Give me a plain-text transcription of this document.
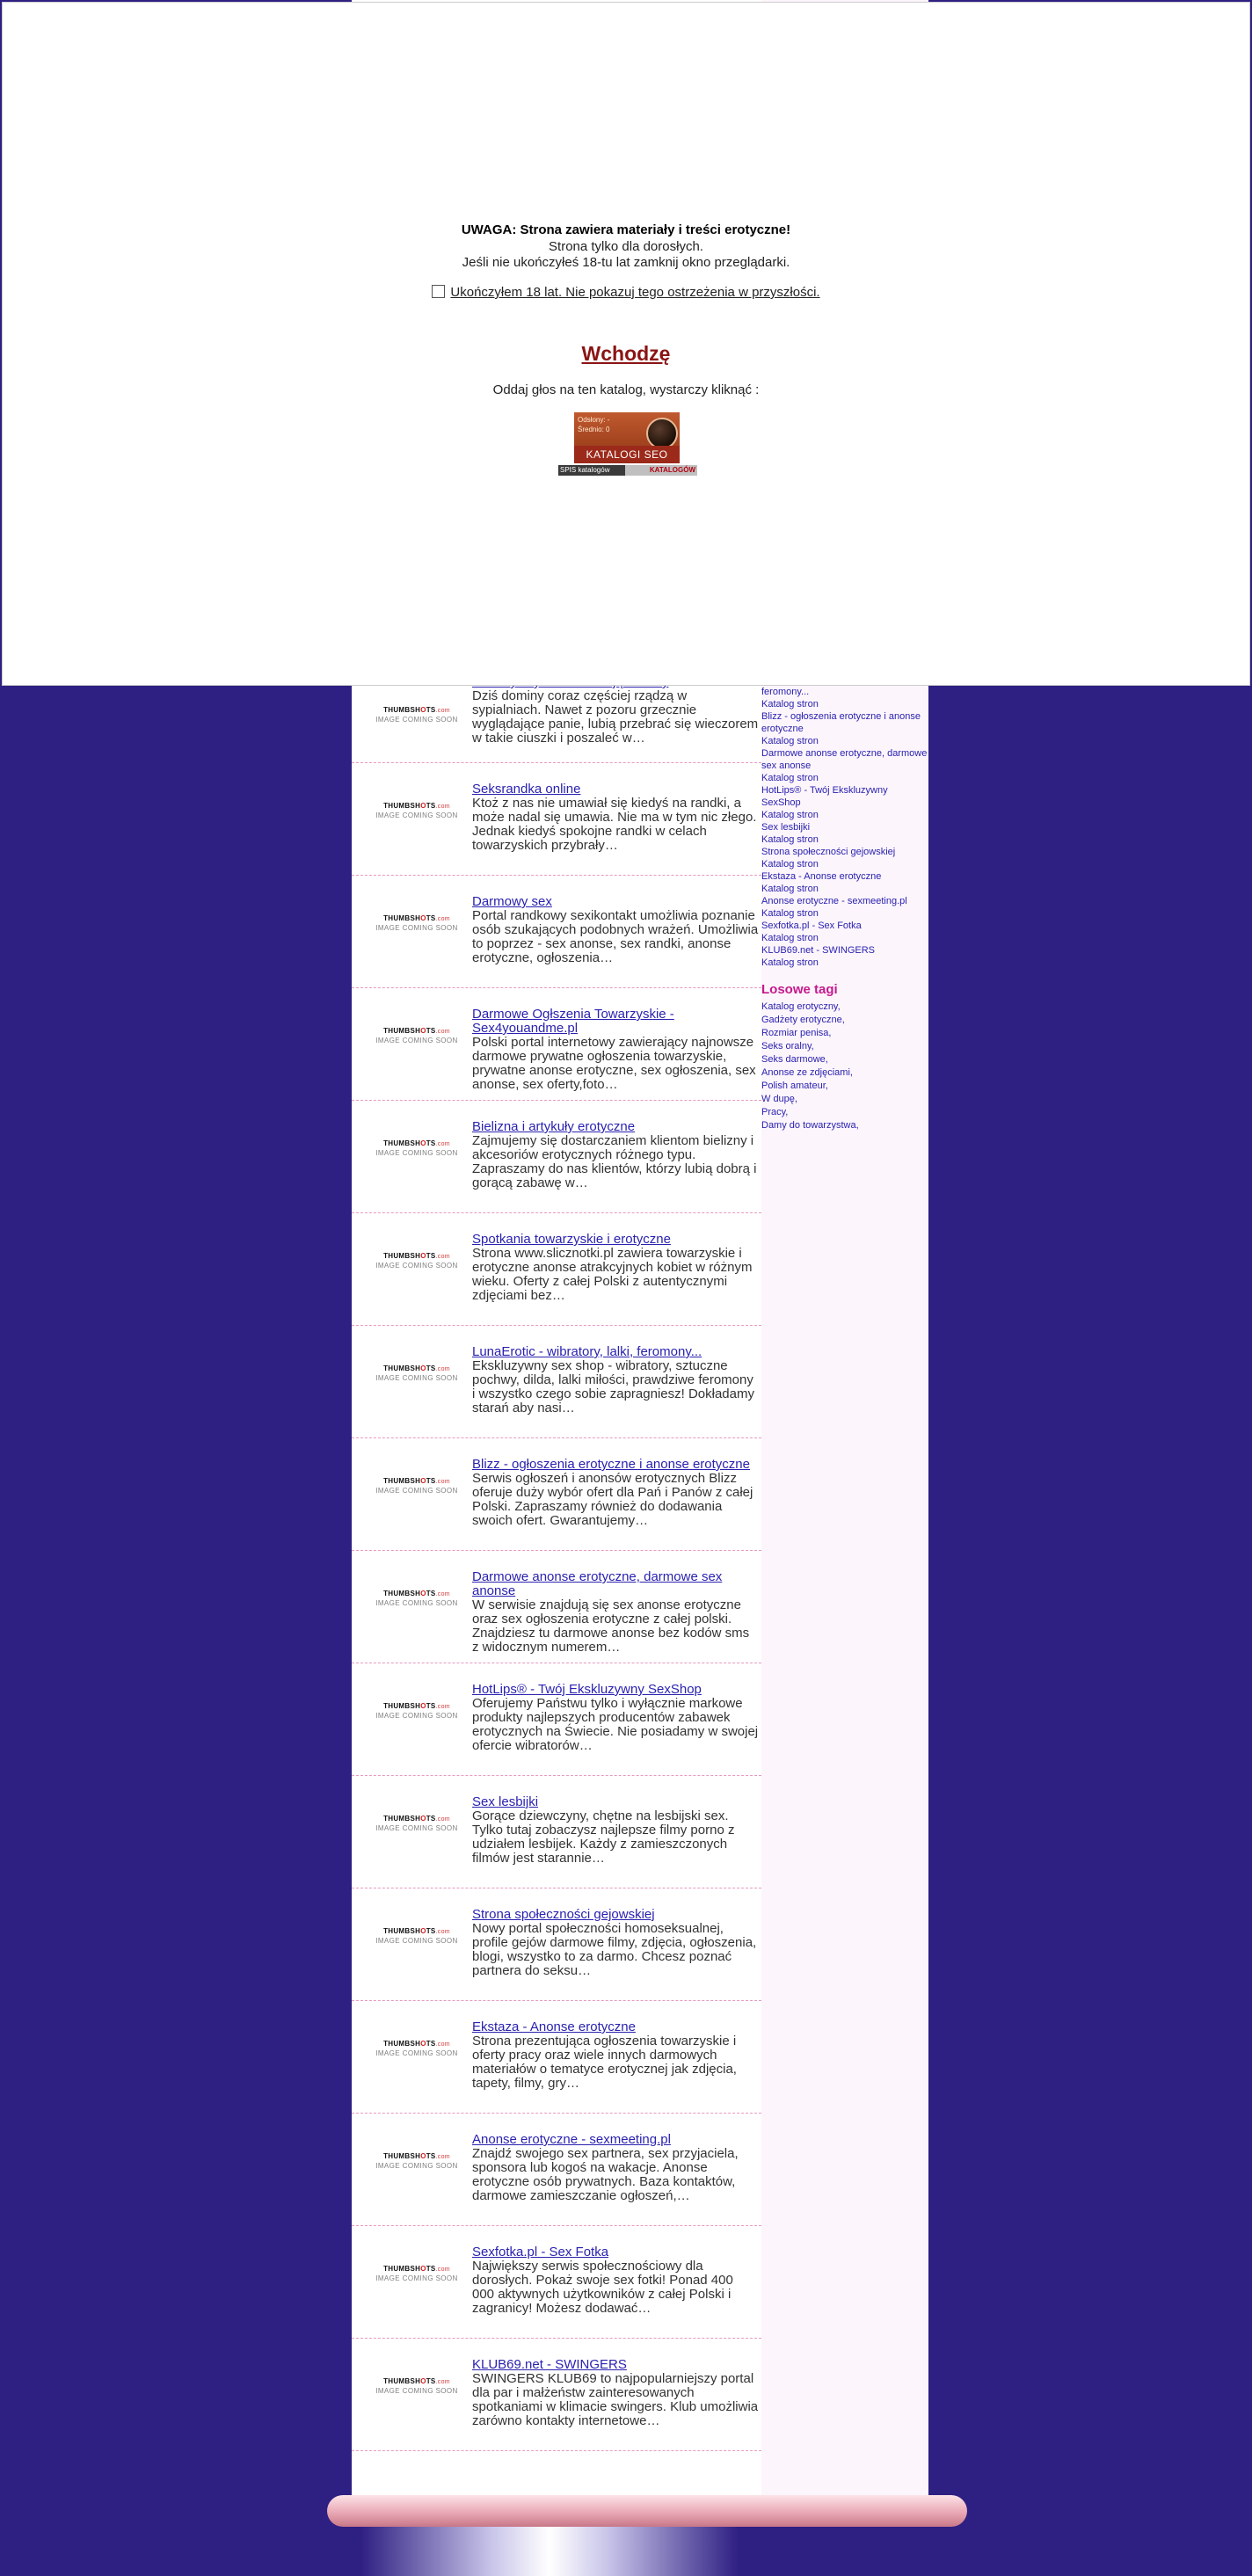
THUMBSHOTS.com
IMAGE COMING SOON

Dziś dominy coraz częściej rządzą w sypialniach. Nawet z pozoru grzecznie wyglądające panie, lubią przebrać się wieczorem w takie ciuszki i poszaleć w…

THUMBSHOTS.com
IMAGE COMING SOON
Seksrandka online

Ktoż z nas nie umawiał się kiedyś na randki, a może nadal się umawia. Nie ma w tym nic złego. Jednak kiedyś spokojne randki w celach towarzyskich przybrały…

THUMBSHOTS.com
IMAGE COMING SOON
Darmowy sex

Portal randkowy sexikontakt umożliwia poznanie osób szukających podobnych wrażeń. Umożliwia to poprzez - sex anonse, sex randki, anonse erotyczne, ogłoszenia…

THUMBSHOTS.com
IMAGE COMING SOON
Darmowe Ogłszenia Towarzyskie - Sex4youandme.pl

Polski portal internetowy zawierający najnowsze darmowe prywatne ogłoszenia towarzyskie, prywatne anonse erotyczne, sex ogłoszenia, sex anonse, sex oferty,foto…

THUMBSHOTS.com
IMAGE COMING SOON
Bielizna i artykuły erotyczne

Zajmujemy się dostarczaniem klientom bielizny i akcesoriów erotycznych różnego typu. Zapraszamy do nas klientów, którzy lubią dobrą i gorącą zabawę w…

THUMBSHOTS.com
IMAGE COMING SOON
Spotkania towarzyskie i erotyczne

Strona www.slicznotki.pl zawiera towarzyskie i erotyczne anonse atrakcyjnych kobiet w różnym wieku. Oferty z całej Polski z autentycznymi zdjęciami bez…

THUMBSHOTS.com
IMAGE COMING SOON
LunaErotic - wibratory, lalki, feromony...

Ekskluzywny sex shop - wibratory, sztuczne pochwy, dilda, lalki miłości, prawdziwe feromony i wszystko czego sobie zapragniesz! Dokładamy starań aby nasi…

THUMBSHOTS.com
IMAGE COMING SOON
Blizz - ogłoszenia erotyczne i anonse erotyczne

Serwis ogłoszeń i anonsów erotycznych Blizz oferuje duży wybór ofert dla Pań i Panów z całej Polski. Zapraszamy również do dodawania swoich ofert. Gwarantujemy…

THUMBSHOTS.com
IMAGE COMING SOON
Darmowe anonse erotyczne, darmowe sex anonse

W serwisie znajdują się sex anonse erotyczne oraz sex ogłoszenia erotyczne z całej polski. Znajdziesz tu darmowe anonse bez kodów sms z widocznym numerem…

THUMBSHOTS.com
IMAGE COMING SOON
HotLips® - Twój Ekskluzywny SexShop

Oferujemy Państwu tylko i wyłącznie markowe produkty najlepszych producentów zabawek erotycznych na Świecie. Nie posiadamy w swojej ofercie wibratorów…

THUMBSHOTS.com
IMAGE COMING SOON
Sex lesbijki

Gorące dziewczyny, chętne na lesbijski sex. Tylko tutaj zobaczysz najlepsze filmy porno z udziałem lesbijek. Każdy z zamieszczonych filmów jest starannie…

THUMBSHOTS.com
IMAGE COMING SOON
Strona społeczności gejowskiej

Nowy portal społeczności homoseksualnej, profile gejów darmowe filmy, zdjęcia, ogłoszenia, blogi, wszystko to za darmo. Chcesz poznać partnera do seksu…

THUMBSHOTS.com
IMAGE COMING SOON
Ekstaza - Anonse erotyczne

Strona prezentująca ogłoszenia towarzyskie i oferty pracy oraz wiele innych darmowych materiałów o tematyce erotycznej jak zdjęcia, tapety, filmy, gry…

THUMBSHOTS.com
IMAGE COMING SOON
Anonse erotyczne - sexmeeting.pl

Znajdź swojego sex partnera, sex przyjaciela, sponsora lub kogoś na wakacje. Anonse erotyczne osób prywatnych. Baza kontaktów, darmowe zamieszczanie ogłoszeń,…

THUMBSHOTS.com
IMAGE COMING SOON
Sexfotka.pl - Sex Fotka

Największy serwis społecznościowy dla dorosłych. Pokaż swoje sex fotki! Ponad 400 000 aktywnych użytkowników z całej Polski i zagranicy! Możesz dodawać…

THUMBSHOTS.com
IMAGE COMING SOON
KLUB69.net - SWINGERS

SWINGERS KLUB69 to najpopularniejszy portal dla par i małżeństw zainteresowanych spotkaniami w klimacie swingers. Klub umożliwia zarówno kontakty internetowe…

feromony...
Katalog stron
Blizz - ogłoszenia erotyczne i anonse erotyczne
Katalog stron
Darmowe anonse erotyczne, darmowe sex anonse
Katalog stron
HotLips® - Twój Ekskluzywny SexShop
Katalog stron
Sex lesbijki
Katalog stron
Strona społeczności gejowskiej
Katalog stron
Ekstaza - Anonse erotyczne
Katalog stron
Anonse erotyczne - sexmeeting.pl
Katalog stron
Sexfotka.pl - Sex Fotka
Katalog stron
KLUB69.net - SWINGERS
Katalog stron
Losowe tagi
Katalog erotyczny,
Gadżety erotyczne,
Rozmiar penisa,
Seks oralny,
Seks darmowe,
Anonse ze zdjęciami,
Polish amateur,
W dupę,
Pracy,
Damy do towarzystwa,
UWAGA: Strona zawiera materiały i treści erotyczne!
Strona tylko dla dorosłych.
Jeśli nie ukończyłeś 18-tu lat zamknij okno przeglądarki.
Ukończyłem 18 lat. Nie pokazuj tego ostrzeżenia w przyszłości.
Wchodzę
Oddaj głos na ten katalog, wystarczy kliknąć :
Odsłony: -
Średnio: 0
KATALOGI SEO
SPIS katalogów	KATALOGÓW
